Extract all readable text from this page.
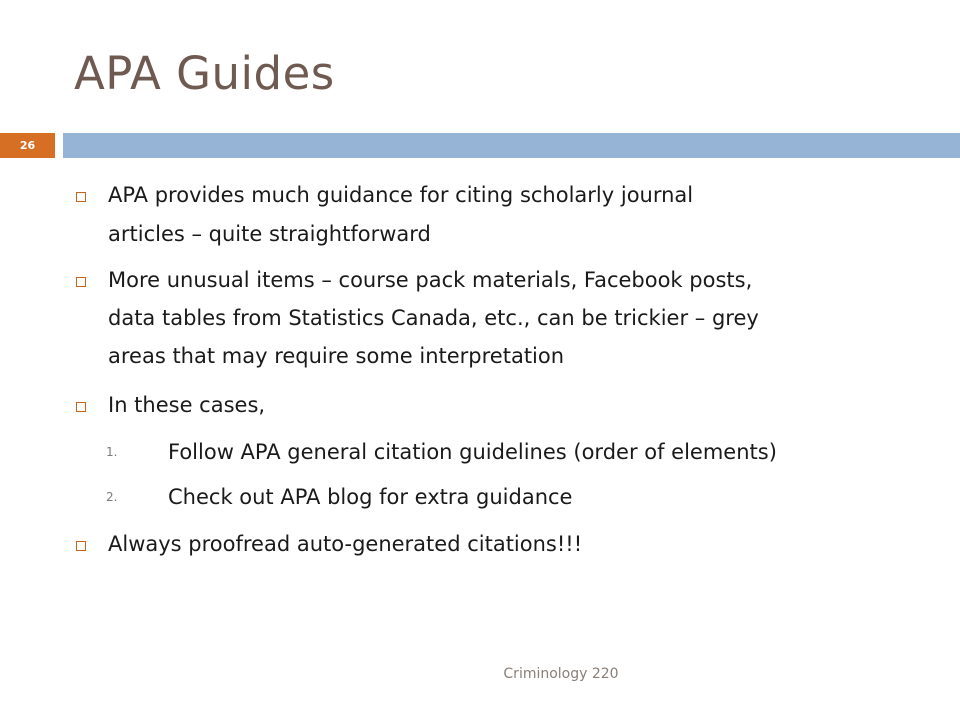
APA Guides
26
APA provides much guidance for citing scholarly journal
articles – quite straightforward
More unusual items – course pack materials, Facebook posts,
data tables from Statistics Canada, etc., can be trickier – grey
areas that may require some interpretation
In these cases,
1. Follow APA general citation guidelines (order of elements)
2. Check out APA blog for extra guidance
Always proofread auto-generated citations!!!
Criminology 220
